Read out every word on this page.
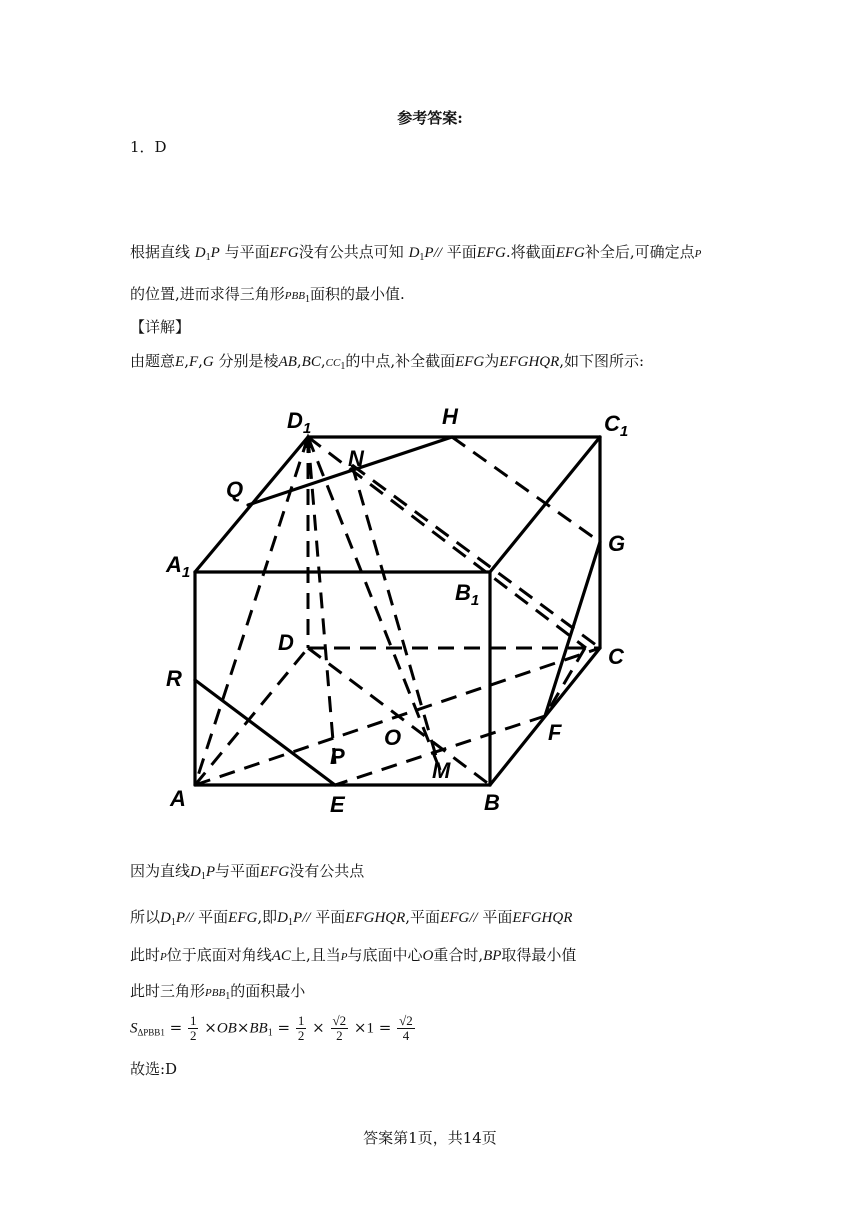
参考答案:
1．D
根据直线 $D_1P$ 与平面EFG没有公共点可知 $D_1P//$ 平面EFG.将截面EFG补全后,可确定点P
的位置,进而求得三角形$PBB_1$面积的最小值.
【详解】
由题意E,F,G 分别是棱$AB,BC,CC_1$的中点,补全截面EFG为EFGHQR,如下图所示:
$D_1$	H	$C_1$
N
Q
G
$A_1$
$B_1$
D
C
R
F
O
P
M
A	E	B
因为直线$D_1P$与平面EFG没有公共点
所以$D_1P//$ 平面EFG,即$D_1P//$ 平面EFGHQR,平面EFG// 平面EFGHQR
此时P位于底面对角线AC上,且当P与底面中心O重合时,BP取得最小值
此时三角形$PBB_1$的面积最小
$S_{\Delta PBB1} = \frac{1}{2} \times OB\times BB_1 = \frac{1}{2} \times \frac{√2}{2} \times 1 = \frac{√2}{4}$
故选:D
答案第1页，共14页
